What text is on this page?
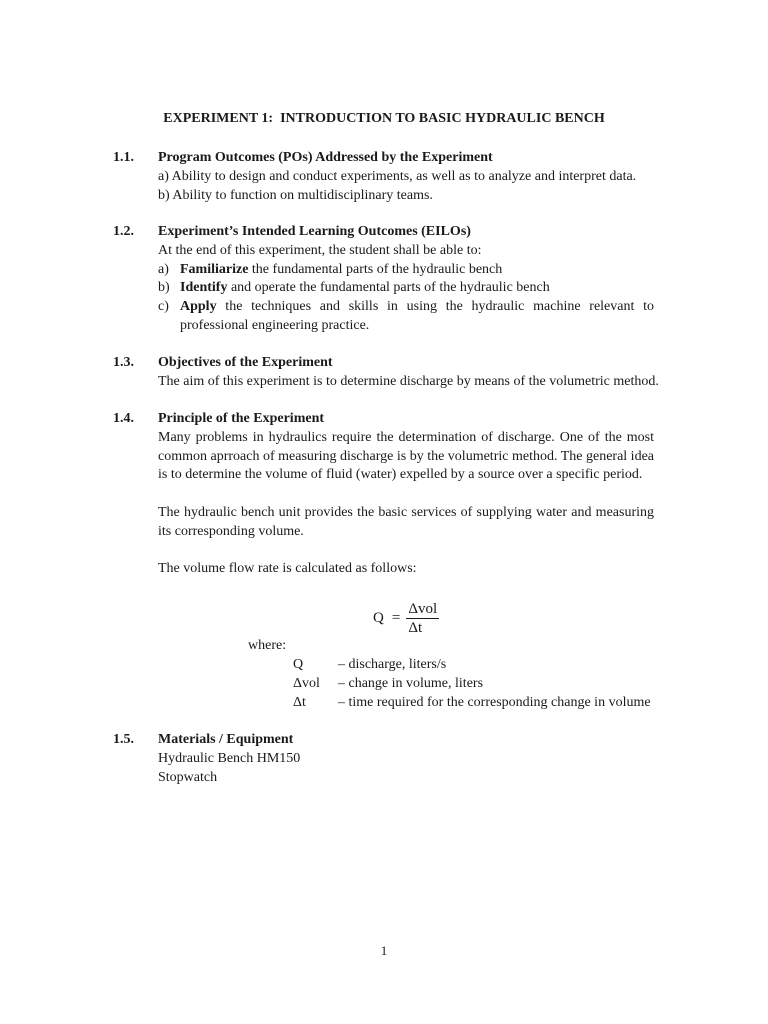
EXPERIMENT 1:  INTRODUCTION TO BASIC HYDRAULIC BENCH
1.1. Program Outcomes (POs) Addressed by the Experiment
a) Ability to design and conduct experiments, as well as to analyze and interpret data.
b) Ability to function on multidisciplinary teams.
1.2. Experiment’s Intended Learning Outcomes (EILOs)
At the end of this experiment, the student shall be able to:
a) Familiarize the fundamental parts of the hydraulic bench
b) Identify and operate the fundamental parts of the hydraulic bench
c) Apply the techniques and skills in using the hydraulic machine relevant to professional engineering practice.
1.3. Objectives of the Experiment
The aim of this experiment is to determine discharge by means of the volumetric method.
1.4. Principle of the Experiment
Many problems in hydraulics require the determination of discharge. One of the most common aprroach of measuring discharge is by the volumetric method. The general idea is to determine the volume of fluid (water) expelled by a source over a specific period.
The hydraulic bench unit provides the basic services of supplying water and measuring its corresponding volume.
The volume flow rate is calculated as follows:
$Q = \frac{\text{Δvol}}{\Delta t}$
where:
Q – discharge, liters/s
Δvol – change in volume, liters
Δt – time required for the corresponding change in volume
1.5. Materials / Equipment
Hydraulic Bench HM150
Stopwatch
1
